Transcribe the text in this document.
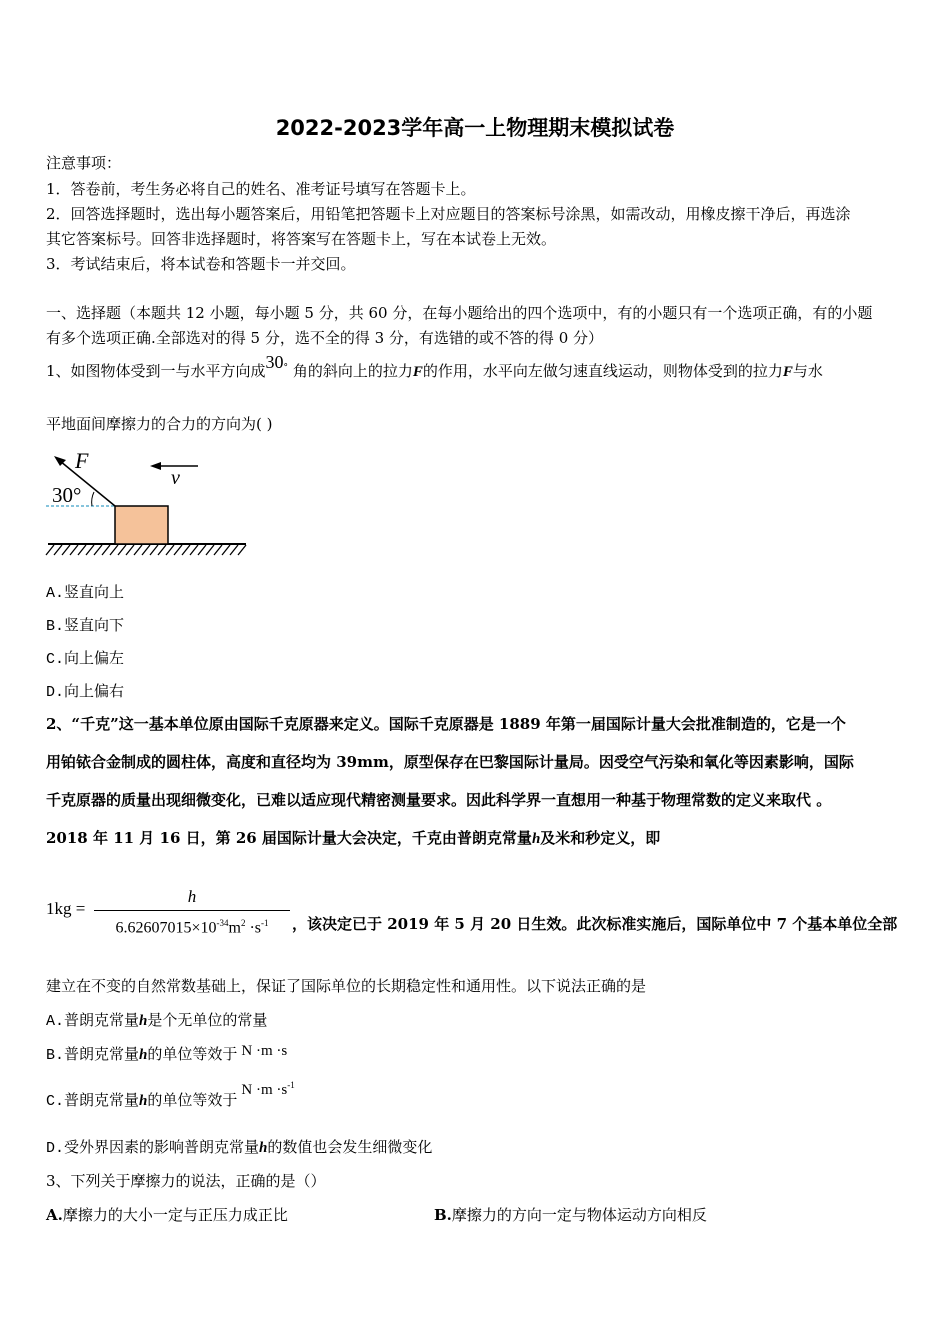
2022-2023学年高一上物理期末模拟试卷
注意事项：
1．答卷前，考生务必将自己的姓名、准考证号填写在答题卡上。
2．回答选择题时，选出每小题答案后，用铅笔把答题卡上对应题目的答案标号涂黑，如需改动，用橡皮擦干净后，再选涂
其它答案标号。回答非选择题时，将答案写在答题卡上，写在本试卷上无效。
3．考试结束后，将本试卷和答题卡一并交回。
一、选择题（本题共 12 小题，每小题 5 分，共 60 分，在每小题给出的四个选项中，有的小题只有一个选项正确，有的小题
有多个选项正确.全部选对的得 5 分，选不全的得 3 分，有选错的或不答的得 0 分）
1、如图物体受到一与水平方向成30° 角的斜向上的拉力F的作用，水平向左做匀速直线运动，则物体受到的拉力F与水
平地面间摩擦力的合力的方向为( )
F
30°
v
A.竖直向上
B.竖直向下
C.向上偏左
D.向上偏右
2、“千克”这一基本单位原由国际千克原器来定义。国际千克原器是 1889 年第一届国际计量大会批准制造的，它是一个
用铂铱合金制成的圆柱体，高度和直径均为 39mm，原型保存在巴黎国际计量局。因受空气污染和氧化等因素影响，国际
千克原器的质量出现细微变化，已难以适应现代精密测量要求。因此科学界一直想用一种基于物理常数的定义来取代 。
2018 年 11 月 16 日，第 26 届国际计量大会决定，千克由普朗克常量h及米和秒定义，即
1kg =
h
$6.62607015\times 10^{-34}m^2 \cdot s^{-1}$	，该决定已于 2019 年 5 月 20 日生效。此次标准实施后，国际单位中 7 个基本单位全部
建立在不变的自然常数基础上，保证了国际单位的长期稳定性和通用性。以下说法正确的是
A.普朗克常量h是个无单位的常量
B.普朗克常量h的单位等效于 N ·m ·s
C.普朗克常量h的单位等效于$N \cdot m \cdot s^{-1}$
D.受外界因素的影响普朗克常量h的数值也会发生细微变化
3、下列关于摩擦力的说法，正确的是（）
A.摩擦力的大小一定与正压力成正比	B.摩擦力的方向一定与物体运动方向相反
